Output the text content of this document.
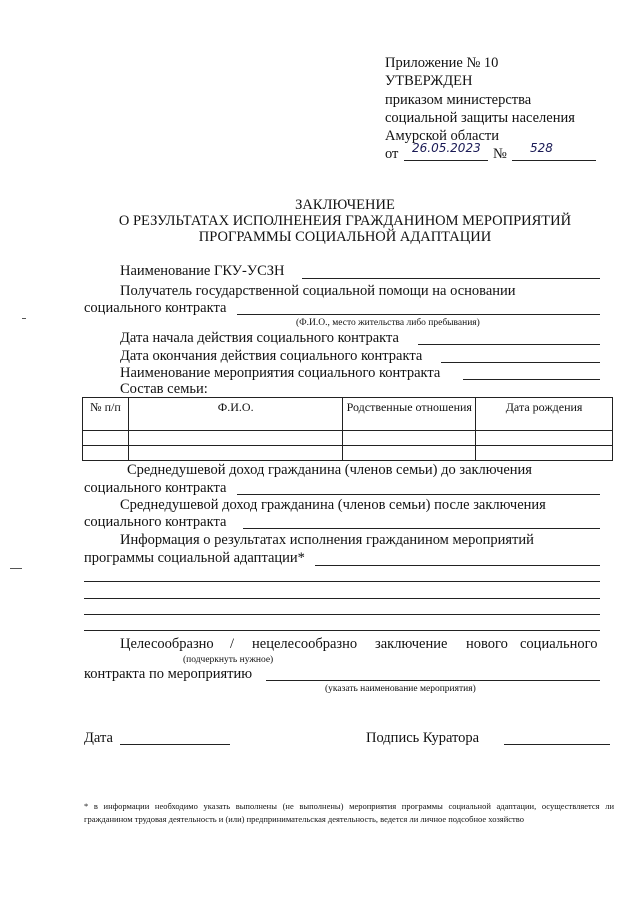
Приложение № 10
УТВЕРЖДЕН
приказом министерства
социальной защиты населения
Амурской области
от 26.05.2023 № 528
ЗАКЛЮЧЕНИЕ
О РЕЗУЛЬТАТАХ ИСПОЛНЕНЕИЯ ГРАЖДАНИНОМ МЕРОПРИЯТИЙ
ПРОГРАММЫ СОЦИАЛЬНОЙ АДАПТАЦИИ
Наименование ГКУ-УСЗН
Получатель государственной социальной помощи на основании
социального контракта
(Ф.И.О., место жительства либо пребывания)
Дата начала действия социального контракта
Дата окончания действия социального контракта
Наименование мероприятия социального контракта
Состав семьи:
№ п/п	Ф.И.О.	Родственные отношения	Дата рождения

Среднедушевой доход гражданина (членов семьи) до заключения
социального контракта
Среднедушевой доход гражданина (членов семьи) после заключения
социального контракта
Информация о результатах исполнения гражданином мероприятий
программы социальной адаптации*
Целесообразно / нецелесообразно заключение нового социального
(подчеркнуть нужное)
контракта по мероприятию
(указать наименование мероприятия)
Дата	Подпись Куратора
* в информации необходимо указать выполнены (не выполнены) мероприятия программы социальной адаптации, осуществляется ли гражданином трудовая деятельность и (или) предпринимательская деятельность, ведется ли личное подсобное хозяйство
